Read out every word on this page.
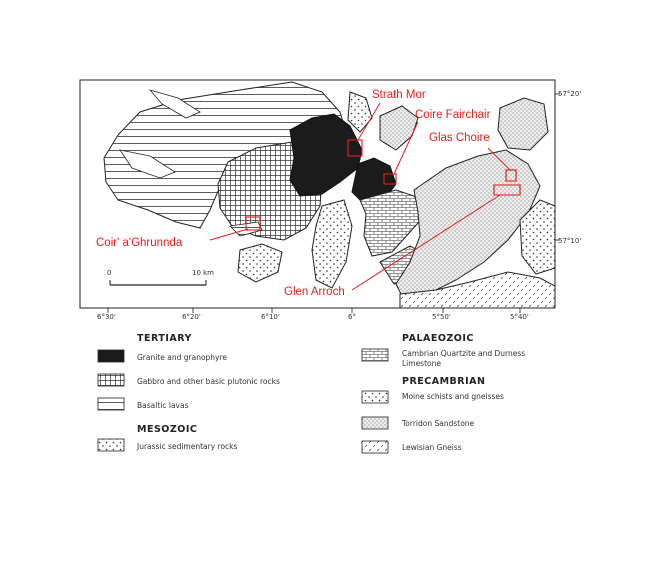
Strath Mor
Coire Fairchair
Glas Choire
Coir' a'Ghrunnda
Glen Arroch
0	10 km
57°20'
57°10'
6°30'	6°20'	6°10'	6°	5°50'	5°40'
TERTIARY
Granite and granophyre
Gabbro and other basic plutonic rocks
Basaltic lavas
MESOZOIC
Jurassic sedimentary rocks
PALAEOZOIC
Cambrian Quartzite and Durness
Limestone
PRECAMBRIAN
Moine schists and gneisses
Torridon Sandstone
Lewisian Gneiss
